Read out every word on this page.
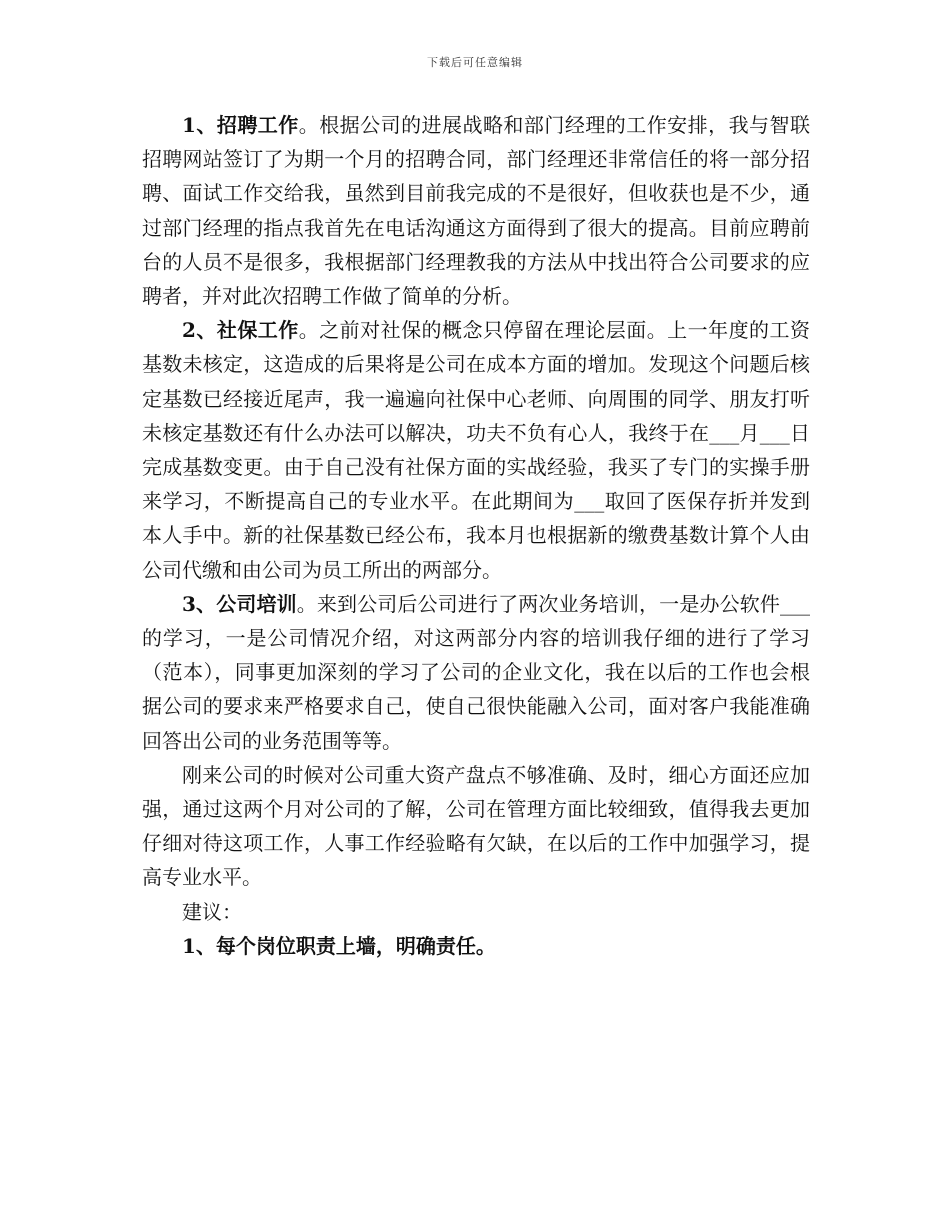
下载后可任意编辑

1、招聘工作。根据公司的进展战略和部门经理的工作安排，我与智联招聘网站签订了为期一个月的招聘合同，部门经理还非常信任的将一部分招聘、面试工作交给我，虽然到目前我完成的不是很好，但收获也是不少，通过部门经理的指点我首先在电话沟通这方面得到了很大的提高。目前应聘前台的人员不是很多，我根据部门经理教我的方法从中找出符合公司要求的应聘者，并对此次招聘工作做了简单的分析。

2、社保工作。之前对社保的概念只停留在理论层面。上一年度的工资基数未核定，这造成的后果将是公司在成本方面的增加。发现这个问题后核定基数已经接近尾声，我一遍遍向社保中心老师、向周围的同学、朋友打听未核定基数还有什么办法可以解决，功夫不负有心人，我终于在___月___日完成基数变更。由于自己没有社保方面的实战经验，我买了专门的实操手册来学习，不断提高自己的专业水平。在此期间为___取回了医保存折并发到本人手中。新的社保基数已经公布，我本月也根据新的缴费基数计算个人由公司代缴和由公司为员工所出的两部分。

3、公司培训。来到公司后公司进行了两次业务培训，一是办公软件___的学习，一是公司情况介绍，对这两部分内容的培训我仔细的进行了学习（范本），同事更加深刻的学习了公司的企业文化，我在以后的工作也会根据公司的要求来严格要求自己，使自己很快能融入公司，面对客户我能准确回答出公司的业务范围等等。

刚来公司的时候对公司重大资产盘点不够准确、及时，细心方面还应加强，通过这两个月对公司的了解，公司在管理方面比较细致，值得我去更加仔细对待这项工作，人事工作经验略有欠缺，在以后的工作中加强学习，提高专业水平。

建议：

1、每个岗位职责上墙，明确责任。
